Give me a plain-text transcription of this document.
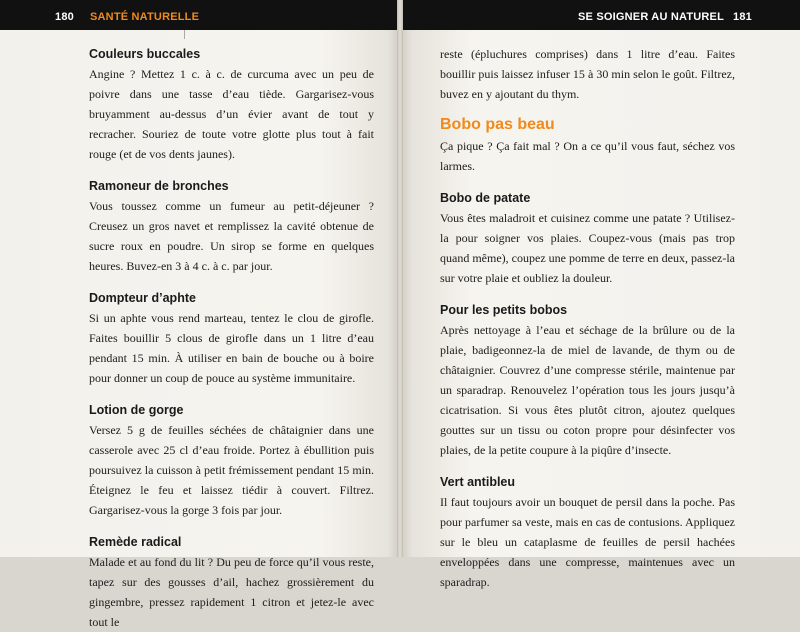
180 SANTÉ NATURELLE
Couleurs buccales
Angine ? Mettez 1 c. à c. de curcuma avec un peu de poivre dans une tasse d’eau tiède. Gargarisez-vous bruyamment au-dessus d’un évier avant de tout y recracher. Souriez de toute votre glotte plus tout à fait rouge (et de vos dents jaunes).
Ramoneur de bronches
Vous toussez comme un fumeur au petit-déjeuner ? Creusez un gros navet et remplissez la cavité obtenue de sucre roux en poudre. Un sirop se forme en quelques heures. Buvez-en 3 à 4 c. à c. par jour.
Dompteur d’aphte
Si un aphte vous rend marteau, tentez le clou de girofle. Faites bouillir 5 clous de girofle dans un 1 litre d’eau pendant 15 min. À utiliser en bain de bouche ou à boire pour donner un coup de pouce au système immunitaire.
Lotion de gorge
Versez 5 g de feuilles séchées de châtaignier dans une casserole avec 25 cl d’eau froide. Portez à ébullition puis poursuivez la cuisson à petit frémissement pendant 15 min. Éteignez le feu et laissez tiédir à couvert. Filtrez. Gargarisez-vous la gorge 3 fois par jour.
Remède radical
Malade et au fond du lit ? Du peu de force qu’il vous reste, tapez sur des gousses d’ail, hachez grossièrement du gingembre, pressez rapidement 1 citron et jetez-le avec tout le
SE SOIGNER AU NATUREL 181
reste (épluchures comprises) dans 1 litre d’eau. Faites bouillir puis laissez infuser 15 à 30 min selon le goût. Filtrez, buvez en y ajoutant du thym.
Bobo pas beau
Ça pique ? Ça fait mal ? On a ce qu’il vous faut, séchez vos larmes.
Bobo de patate
Vous êtes maladroit et cuisinez comme une patate ? Utilisez-la pour soigner vos plaies. Coupez-vous (mais pas trop quand même), coupez une pomme de terre en deux, passez-la sur votre plaie et oubliez la douleur.
Pour les petits bobos
Après nettoyage à l’eau et séchage de la brûlure ou de la plaie, badigeonnez-la de miel de lavande, de thym ou de châtaignier. Couvrez d’une compresse stérile, maintenue par un sparadrap. Renouvelez l’opération tous les jours jusqu’à cicatrisation. Si vous êtes plutôt citron, ajoutez quelques gouttes sur un tissu ou coton propre pour désinfecter vos plaies, de la petite coupure à la piqûre d’insecte.
Vert antibleu
Il faut toujours avoir un bouquet de persil dans la poche. Pas pour parfumer sa veste, mais en cas de contusions. Appliquez sur le bleu un cataplasme de feuilles de persil hachées enveloppées dans une compresse, maintenues avec un sparadrap.
